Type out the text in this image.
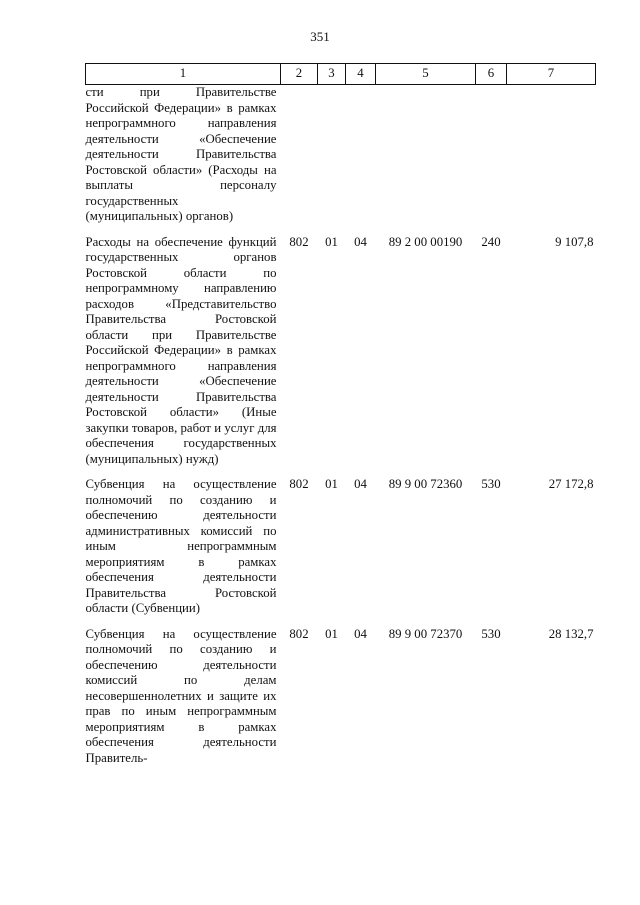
351
1	2	3	4	5	6	7
сти при Правительстве Российской Федерации» в рамках непрограммного направления деятельности «Обеспечение деятельности Правительства Ростовской области» (Расходы на выплаты персоналу государственных (муниципальных) органов)						
Расходы на обеспечение функций государственных органов Ростовской области по непрограммному направлению расходов «Представительство Правительства Ростовской области при Правительстве Российской Федерации» в рамках непрограммного направления деятельности «Обеспечение деятельности Правительства Ростовской области» (Иные закупки товаров, работ и услуг для обеспечения государственных (муниципальных) нужд)	802	01	04	89 2 00 00190	240	9 107,8
Субвенция на осуществление полномочий по созданию и обеспечению деятельности административных комиссий по иным непрограммным мероприятиям в рамках обеспечения деятельности Правительства Ростовской области (Субвенции)	802	01	04	89 9 00 72360	530	27 172,8
Субвенция на осуществление полномочий по созданию и обеспечению деятельности комиссий по делам несовершеннолетних и защите их прав по иным непрограммным мероприятиям в рамках обеспечения деятельности Правитель-	802	01	04	89 9 00 72370	530	28 132,7
